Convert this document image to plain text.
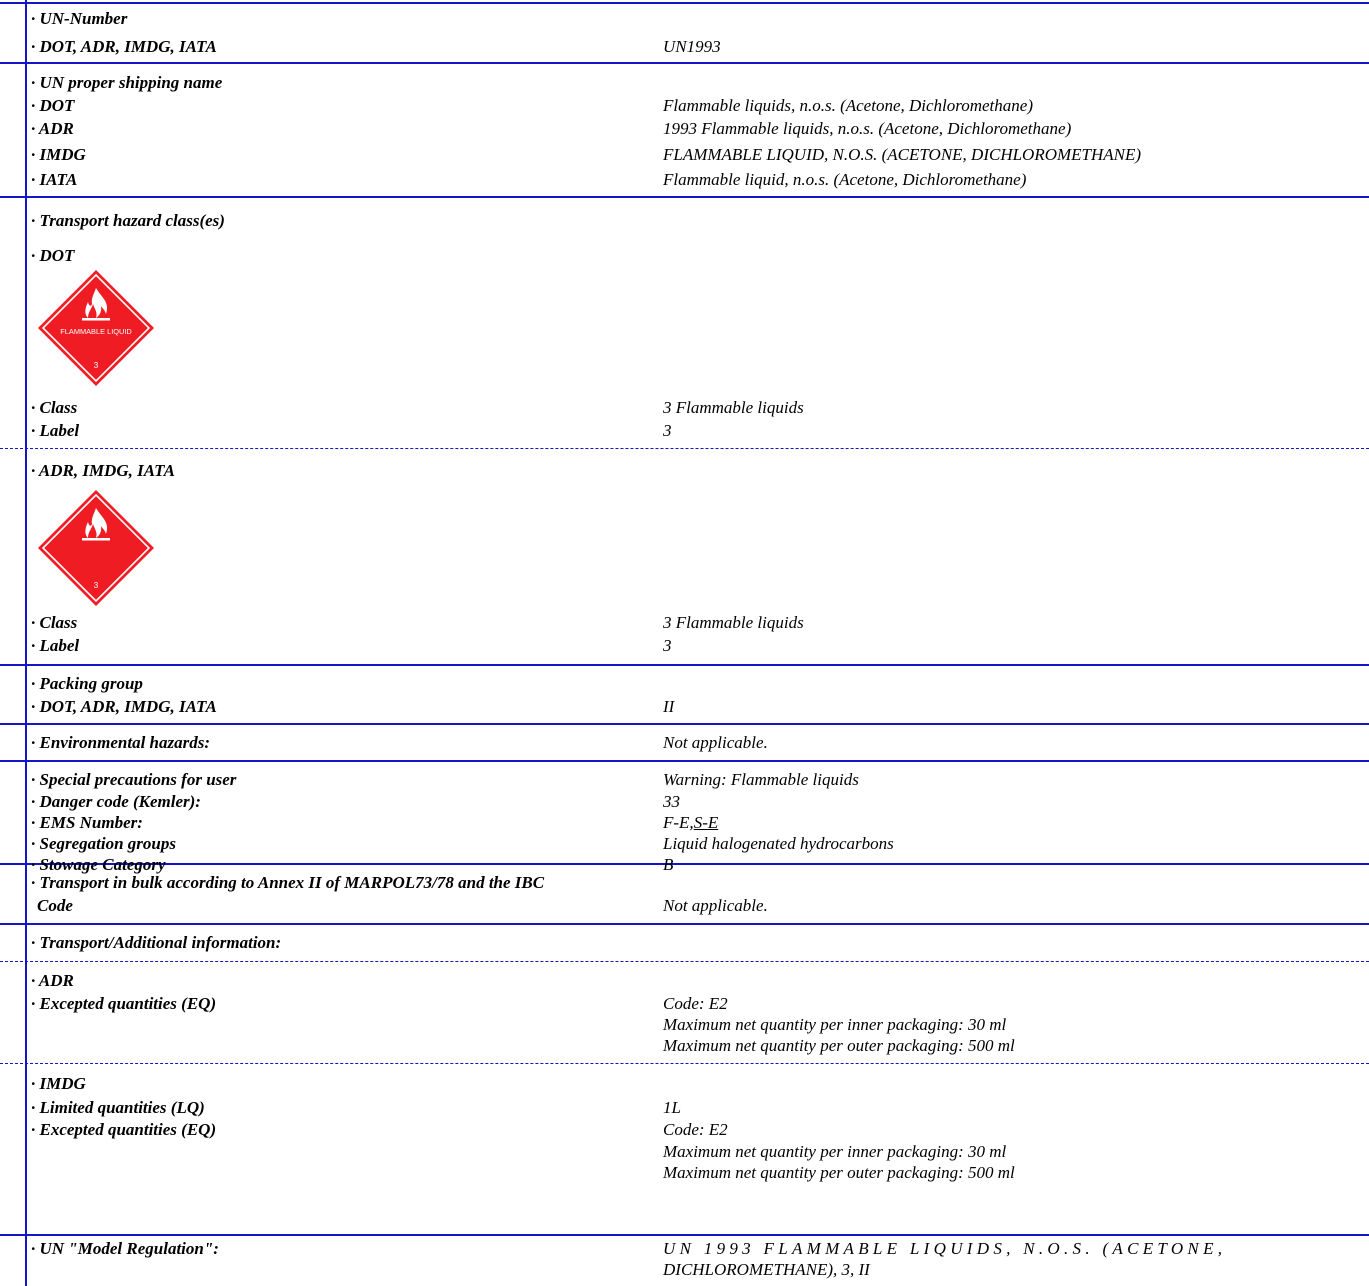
· UN-Number
· DOT, ADR, IMDG, IATA	UN1993
· UN proper shipping name
· DOT	Flammable liquids, n.o.s. (Acetone, Dichloromethane)
· ADR	1993 Flammable liquids, n.o.s. (Acetone, Dichloromethane)
· IMDG	FLAMMABLE LIQUID, N.O.S. (ACETONE, DICHLOROMETHANE)
· IATA	Flammable liquid, n.o.s. (Acetone, Dichloromethane)
· Transport hazard class(es)
· DOT
FLAMMABLE LIQUID
3
· Class	3 Flammable liquids
· Label	3
· ADR, IMDG, IATA
3
· Class	3 Flammable liquids
· Label	3
· Packing group
· DOT, ADR, IMDG, IATA	II
· Environmental hazards:	Not applicable.
· Special precautions for user	Warning: Flammable liquids
· Danger code (Kemler):	33
· EMS Number:	F-E,S-E
· Segregation groups	Liquid halogenated hydrocarbons
· Stowage Category	B
· Transport in bulk according to Annex II of MARPOL73/78 and the IBC
Code	Not applicable.
· Transport/Additional information:
· ADR
· Excepted quantities (EQ)	Code: E2
Maximum net quantity per inner packaging: 30 ml
Maximum net quantity per outer packaging: 500 ml
· IMDG
· Limited quantities (LQ)	1L
· Excepted quantities (EQ)	Code: E2
Maximum net quantity per inner packaging: 30 ml
Maximum net quantity per outer packaging: 500 ml
· UN "Model Regulation":	UN 1993 FLAMMABLE LIQUIDS, N.O.S. (ACETONE,
DICHLOROMETHANE), 3, II
